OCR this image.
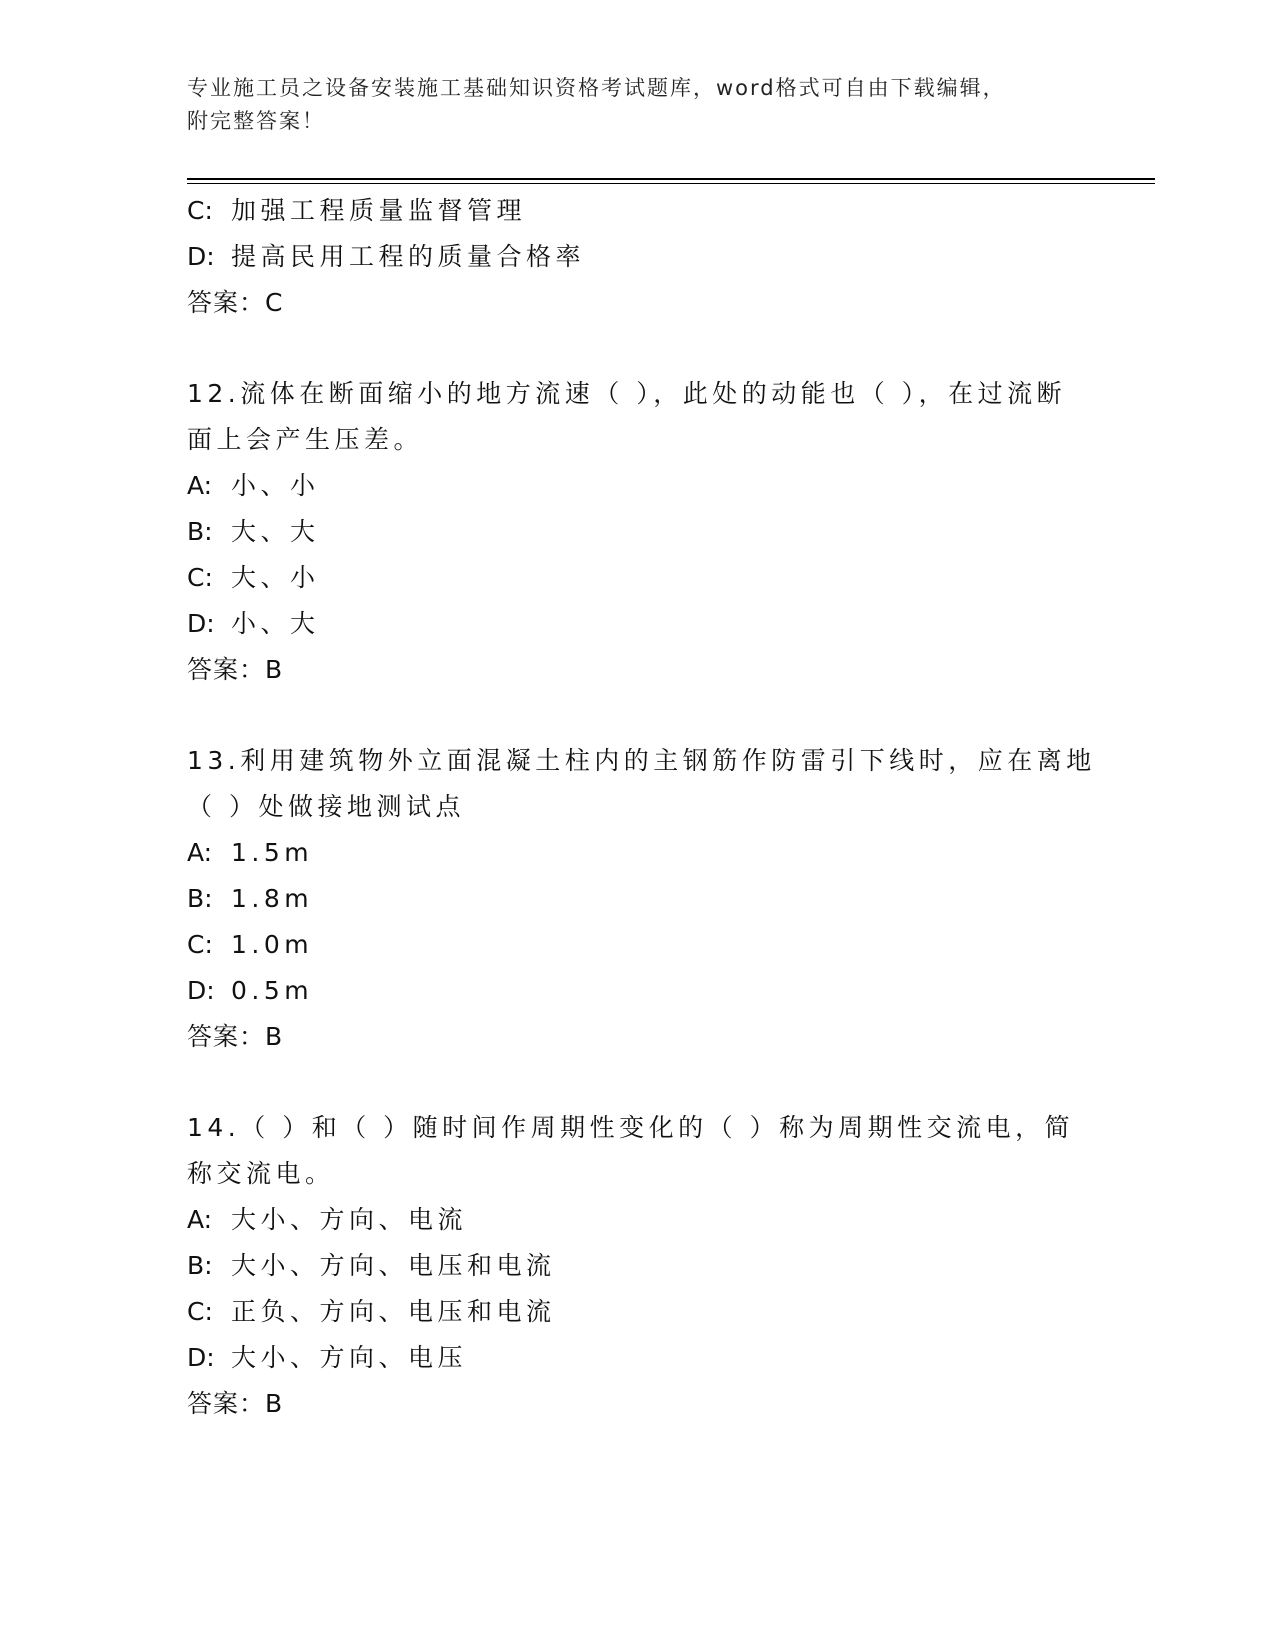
专业施工员之设备安装施工基础知识资格考试题库，word格式可自由下载编辑，
附完整答案！
C: 加强工程质量监督管理
D: 提高民用工程的质量合格率
答案：C
12.流体在断面缩小的地方流速（ ），此处的动能也（ ），在过流断
面上会产生压差。
A: 小、小
B: 大、大
C: 大、小
D: 小、大
答案：B
13.利用建筑物外立面混凝土柱内的主钢筋作防雷引下线时，应在离地
（ ）处做接地测试点
A: 1.5m
B: 1.8m
C: 1.0m
D: 0.5m
答案：B
14.（ ）和（ ）随时间作周期性变化的（ ）称为周期性交流电，简
称交流电。
A: 大小、方向、电流
B: 大小、方向、电压和电流
C: 正负、方向、电压和电流
D: 大小、方向、电压
答案：B
